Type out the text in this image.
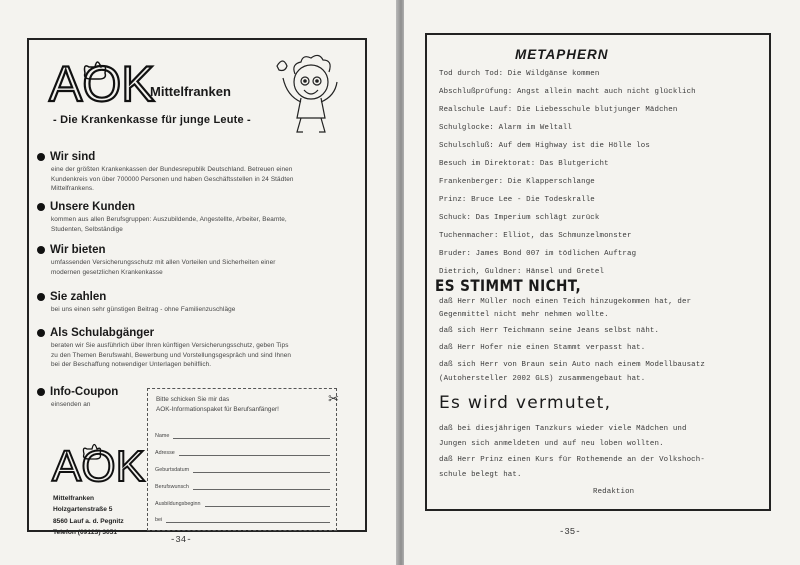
AOK
Mittelfranken
- Die Krankenkasse für junge Leute -
Wir sind

eine der größten Krankenkassen der Bundesrepublik Deutschland. Betreuen einen
Kundenkreis von über 700000 Personen und haben Geschäftsstellen in 24 Städten
Mittelfrankens.

Unsere Kunden

kommen aus allen Berufsgruppen: Auszubildende, Angestellte, Arbeiter, Beamte,
Studenten, Selbständige

Wir bieten

umfassenden Versicherungsschutz mit allen Vorteilen und Sicherheiten einer
modernen gesetzlichen Krankenkasse

Sie zahlen

bei uns einen sehr günstigen Beitrag - ohne Familienzuschläge

Als Schulabgänger

beraten wir Sie ausführlich über Ihren künftigen Versicherungsschutz, geben Tips
zu den Themen Berufswahl, Bewerbung und Vorstellungsgespräch und sind Ihnen
bei der Beschaffung notwendiger Unterlagen behilflich.

Info-Coupon

einsenden an

AOK
Mittelfranken
Holzgartenstraße 5
8560 Lauf a. d. Pegnitz
Telefon (09123) 3051
✂
Bitte schicken Sie mir das
AOK-Informationspaket für Berufsanfänger!
Name
Adresse
Geburtsdatum
Berufswunsch
Ausbildungsbeginn
bei
-34-
METAPHERN
Tod durch Tod: Die Wildgänse kommen
Abschlußprüfung: Angst allein macht auch nicht glücklich
Realschule Lauf: Die Liebesschule blutjunger Mädchen
Schulglocke: Alarm im Weltall
Schulschluß: Auf dem Highway ist die Hölle los
Besuch im Direktorat: Das Blutgericht
Frankenberger: Die Klapperschlange
Prinz: Bruce Lee - Die Todeskralle
Schuck: Das Imperium schlägt zurück
Tuchenmacher: Elliot, das Schmunzelmonster
Bruder: James Bond 007 im tödlichen Auftrag
Dietrich, Guldner: Hänsel und Gretel
ES STIMMT NICHT,
daß Herr Müller noch einen Teich hinzugekommen hat, der
Gegenmittel nicht mehr nehmen wollte.
daß sich Herr Teichmann seine Jeans selbst näht.
daß Herr Hofer nie einen Stammt verpasst hat.
daß sich Herr von Braun sein Auto nach einem Modellbausatz
(Autohersteller 2002 GLS) zusammengebaut hat.
Es wird vermutet,
daß bei diesjährigen Tanzkurs wieder viele Mädchen und
Jungen sich anmeldeten und auf neu loben wollten.
daß Herr Prinz einen Kurs für Rothemende an der Volkshoch-
schule belegt hat.
Redaktion
-35-
